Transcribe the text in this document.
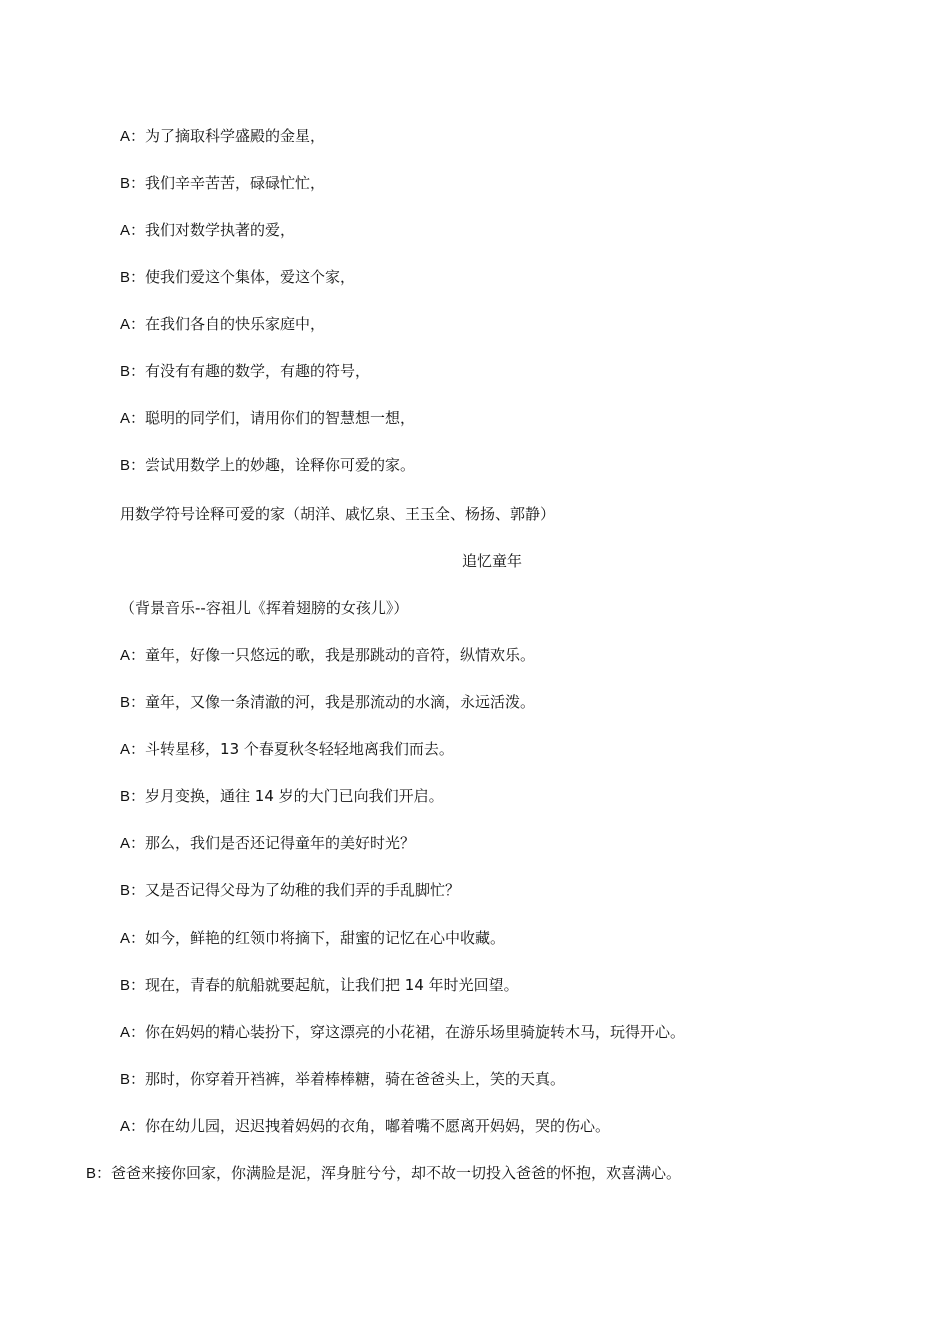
A：为了摘取科学盛殿的金星，
B：我们辛辛苦苦，碌碌忙忙，
A：我们对数学执著的爱，
B：使我们爱这个集体，爱这个家，
A：在我们各自的快乐家庭中，
B：有没有有趣的数学，有趣的符号，
A：聪明的同学们，请用你们的智慧想一想，
B：尝试用数学上的妙趣，诠释你可爱的家。
用数学符号诠释可爱的家（胡洋、戚忆泉、王玉全、杨扬、郭静）
追忆童年
（背景音乐--容祖儿《挥着翅膀的女孩儿》）
A：童年，好像一只悠远的歌，我是那跳动的音符，纵情欢乐。
B：童年，又像一条清澈的河，我是那流动的水滴，永远活泼。
A：斗转星移，13 个春夏秋冬轻轻地离我们而去。
B：岁月变换，通往 14 岁的大门已向我们开启。
A：那么，我们是否还记得童年的美好时光？
B：又是否记得父母为了幼稚的我们弄的手乱脚忙？
A：如今，鲜艳的红领巾将摘下，甜蜜的记忆在心中收藏。
B：现在，青春的航船就要起航，让我们把 14 年时光回望。
A：你在妈妈的精心装扮下，穿这漂亮的小花裙，在游乐场里骑旋转木马，玩得开心。
B：那时，你穿着开裆裤，举着棒棒糖，骑在爸爸头上，笑的天真。
A：你在幼儿园，迟迟拽着妈妈的衣角，嘟着嘴不愿离开妈妈，哭的伤心。
B：爸爸来接你回家，你满脸是泥，浑身脏兮兮，却不故一切投入爸爸的怀抱，欢喜满心。
